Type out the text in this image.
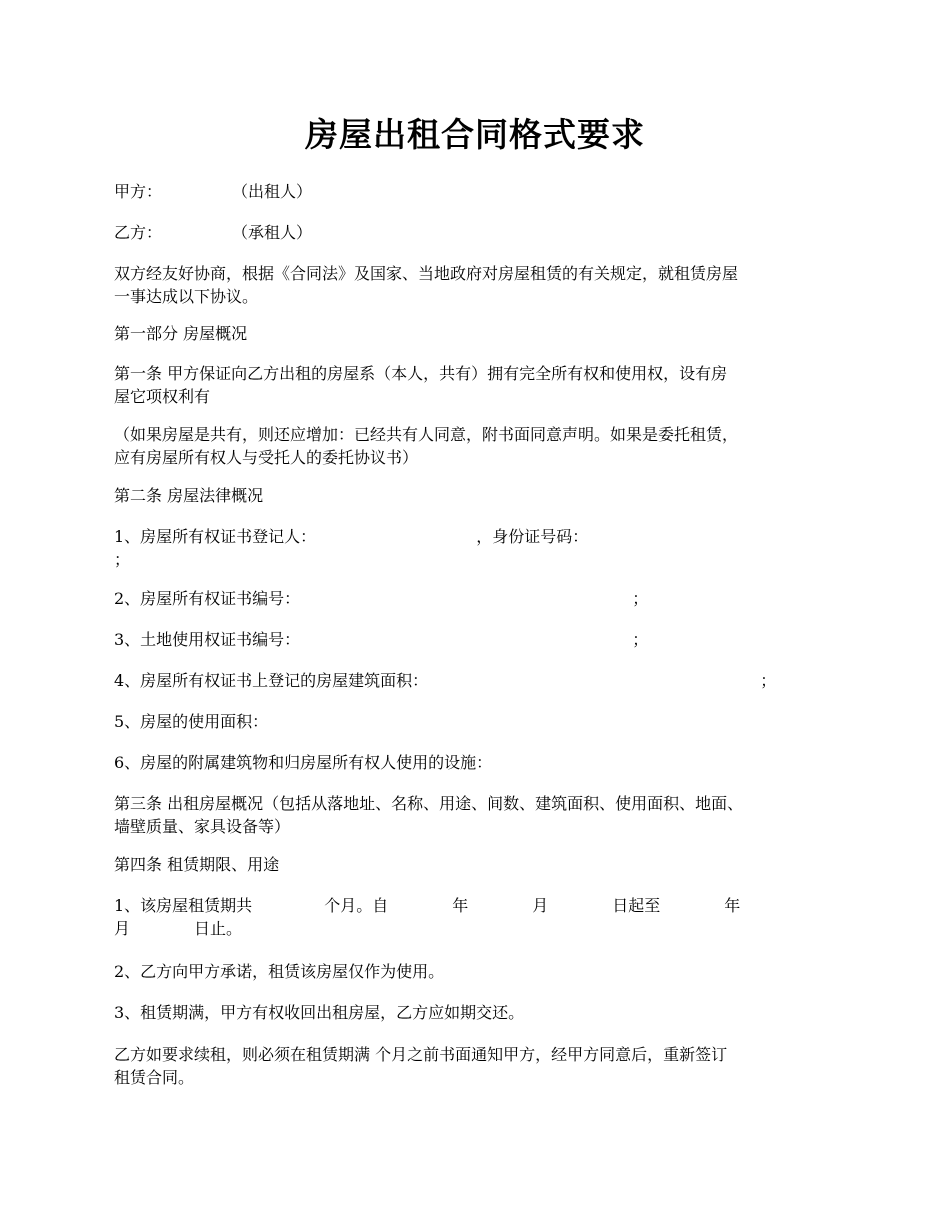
房屋出租合同格式要求
甲方：	（出租人）
乙方：	（承租人）
双方经友好协商，根据《合同法》及国家、当地政府对房屋租赁的有关规定，就租赁房屋
一事达成以下协议。
第一部分 房屋概况
第一条 甲方保证向乙方出租的房屋系（本人，共有）拥有完全所有权和使用权，设有房
屋它项权利有
（如果房屋是共有，则还应增加：已经共有人同意，附书面同意声明。如果是委托租赁，
应有房屋所有权人与受托人的委托协议书）
第二条 房屋法律概况
1、房屋所有权证书登记人：	，身份证号码：
；
2、房屋所有权证书编号：	；
3、土地使用权证书编号：	；
4、房屋所有权证书上登记的房屋建筑面积：	；
5、房屋的使用面积：
6、房屋的附属建筑物和归房屋所有权人使用的设施：
第三条 出租房屋概况（包括从落地址、名称、用途、间数、建筑面积、使用面积、地面、
墙壁质量、家具设备等）
第四条 租赁期限、用途
1、该房屋租赁期共	个月。自	年	月	日起至	年
月	日止。
2、乙方向甲方承诺，租赁该房屋仅作为使用。
3、租赁期满，甲方有权收回出租房屋，乙方应如期交还。
乙方如要求续租，则必须在租赁期满 个月之前书面通知甲方，经甲方同意后，重新签订
租赁合同。
